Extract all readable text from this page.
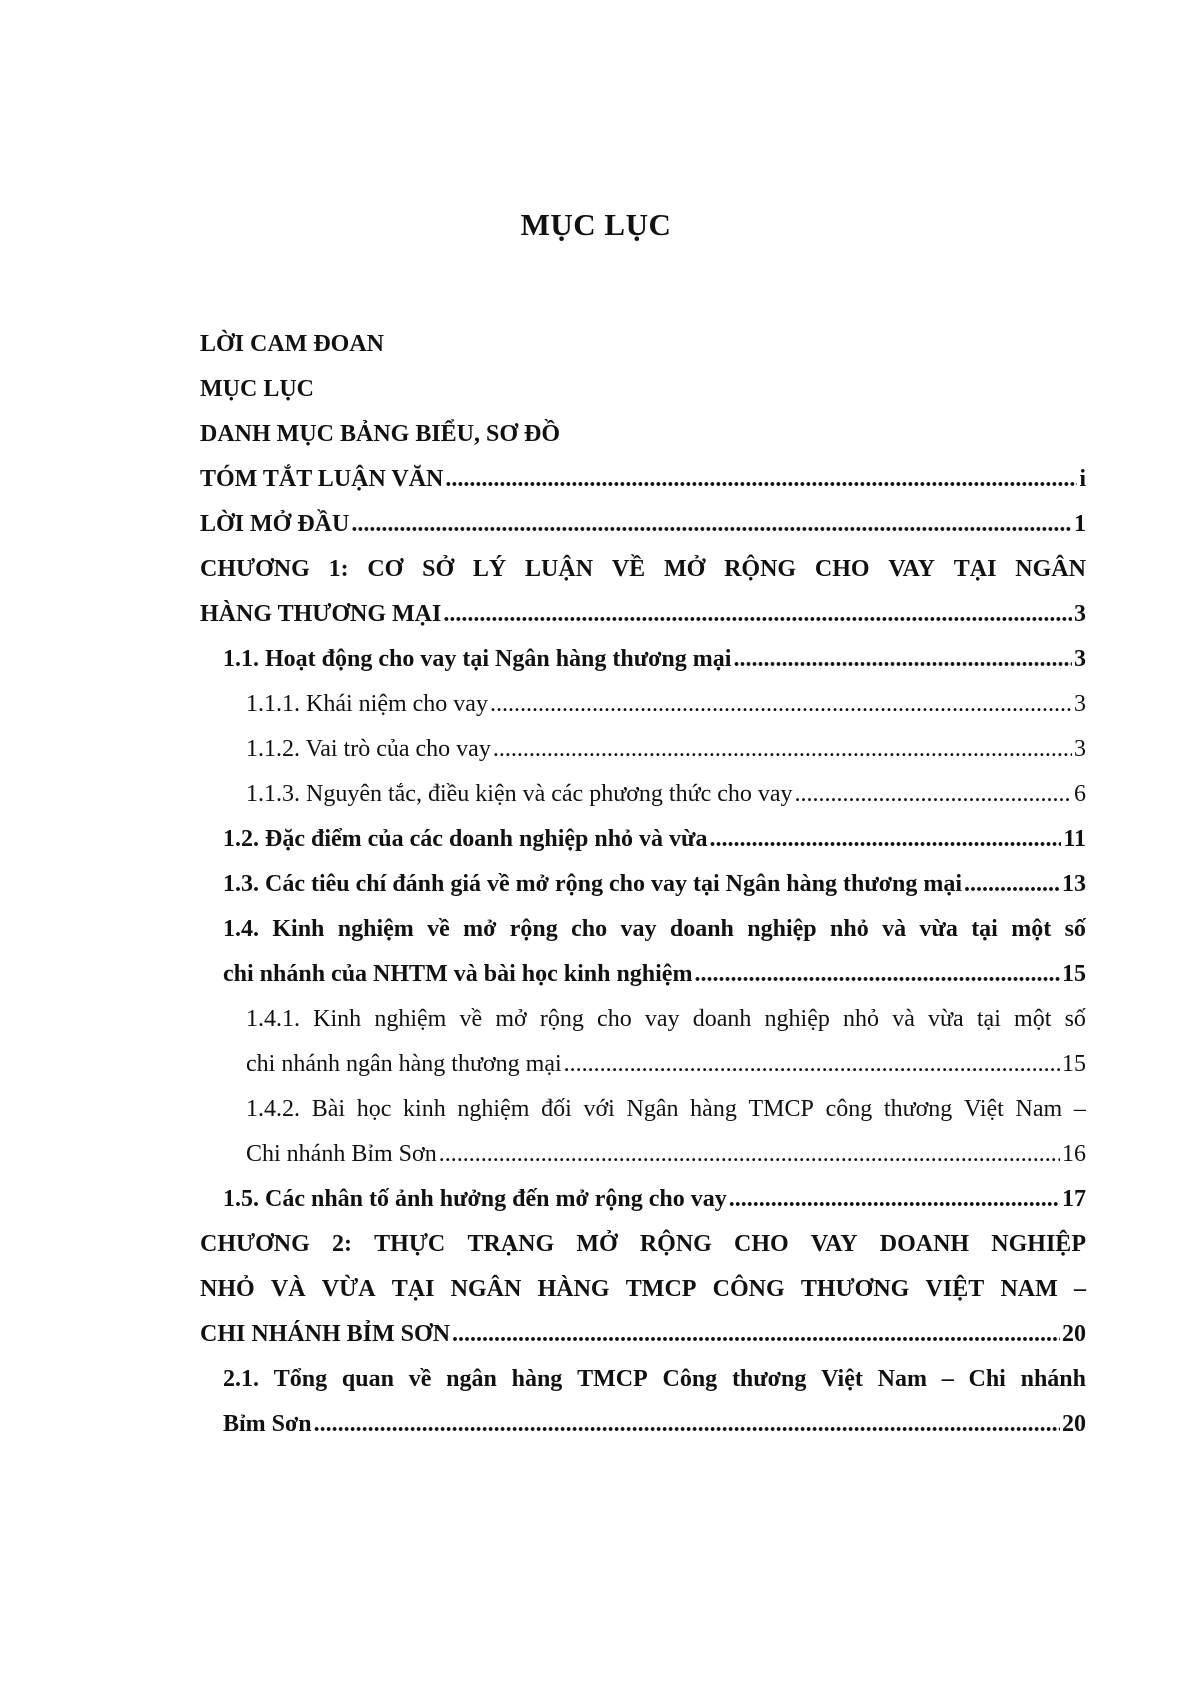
MỤC LỤC
LỜI CAM ĐOAN
MỤC LỤC
DANH MỤC BẢNG BIỂU, SƠ ĐỒ
TÓM TẮT LUẬN VĂN .....	i
LỜI MỞ ĐẦU .....	1
CHƯƠNG 1: CƠ SỞ LÝ LUẬN VỀ MỞ RỘNG CHO VAY TẠI NGÂN
HÀNG THƯƠNG MẠI .....	3
1.1. Hoạt động cho vay tại Ngân hàng thương mại .....	3
1.1.1. Khái niệm cho vay .....	3
1.1.2. Vai trò của cho vay .....	3
1.1.3. Nguyên tắc, điều kiện và các phương thức cho vay .....	6
1.2. Đặc điểm của các doanh nghiệp nhỏ và vừa .....	11
1.3. Các tiêu chí đánh giá về mở rộng cho vay tại Ngân hàng thương mại .....	13
1.4. Kinh nghiệm về mở rộng cho vay doanh nghiệp nhỏ và vừa tại một số
chi nhánh của NHTM và bài học kinh nghiệm .....	15
1.4.1. Kinh nghiệm về mở rộng cho vay doanh nghiệp nhỏ và vừa tại một số
chi nhánh ngân hàng thương mại .....	15
1.4.2. Bài học kinh nghiệm đối với Ngân hàng TMCP công thương Việt Nam –
Chi nhánh Bỉm Sơn .....	16
1.5. Các nhân tố ảnh hưởng đến mở rộng cho vay .....	17
CHƯƠNG 2: THỰC TRẠNG MỞ RỘNG CHO VAY DOANH NGHIỆP
NHỎ VÀ VỪA TẠI NGÂN HÀNG TMCP CÔNG THƯƠNG VIỆT NAM –
CHI NHÁNH BỈM SƠN .....	20
2.1. Tổng quan về ngân hàng TMCP Công thương Việt Nam – Chi nhánh
Bỉm Sơn .....	20
